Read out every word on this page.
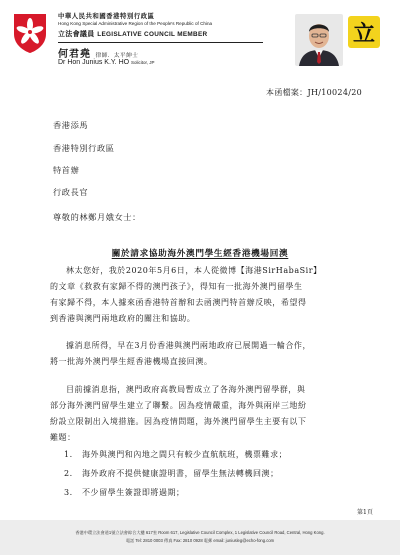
中華人民共和國香港特別行政區
Hong Kong Special Administrative Region of the People's Republic of China
立法會議員 LEGISLATIVE COUNCIL MEMBER
何君堯 律師．太平紳士
Dr Hon Junius K.Y. HO Solicitor, JP
立
本函檔案：JH/10024/20
香港添馬
香港特別行政區
特首辦
行政長官
尊敬的林鄭月娥女士：
關於請求協助海外澳門學生經香港機場回澳
林太您好，我於2020年5月6日，本人從微博【海港SirHabaSir】
的文章《救救有家歸不得的澳門孩子》，得知有一批海外澳門留學生
有家歸不得，本人據來函香港特首辦和去函澳門特首辦反映，希望得
到香港與澳門兩地政府的關注和協助。
據消息所得，早在3月份香港與澳門兩地政府已展開過一輪合作，
將一批海外澳門學生經香港機場直接回澳。
目前據消息指，澳門政府高教局暫成立了各海外澳門留學群，與
部分海外澳門留學生建立了聯繫。因為疫情嚴重，海外與兩岸三地紛
紛設立限制出入境措施。因為疫情問題，海外澳門留學生主要有以下
難題：
1. 海外與澳門和內地之間只有較少直航航班，機票難求；
2. 海外政府不提供健康證明書，留學生無法轉機回澳；
3. 不少留學生簽證即將過期；
第1頁
香港中環立法會道1號立法會綜合大樓 617室 Room 617, Legislative Council Complex, 1 Legislative Council Road, Central, Hong Kong.
電話 Tel: 2810 0003 傳真 Fax: 2810 0928 電郵 email: juniusleg@echo-fong.com
